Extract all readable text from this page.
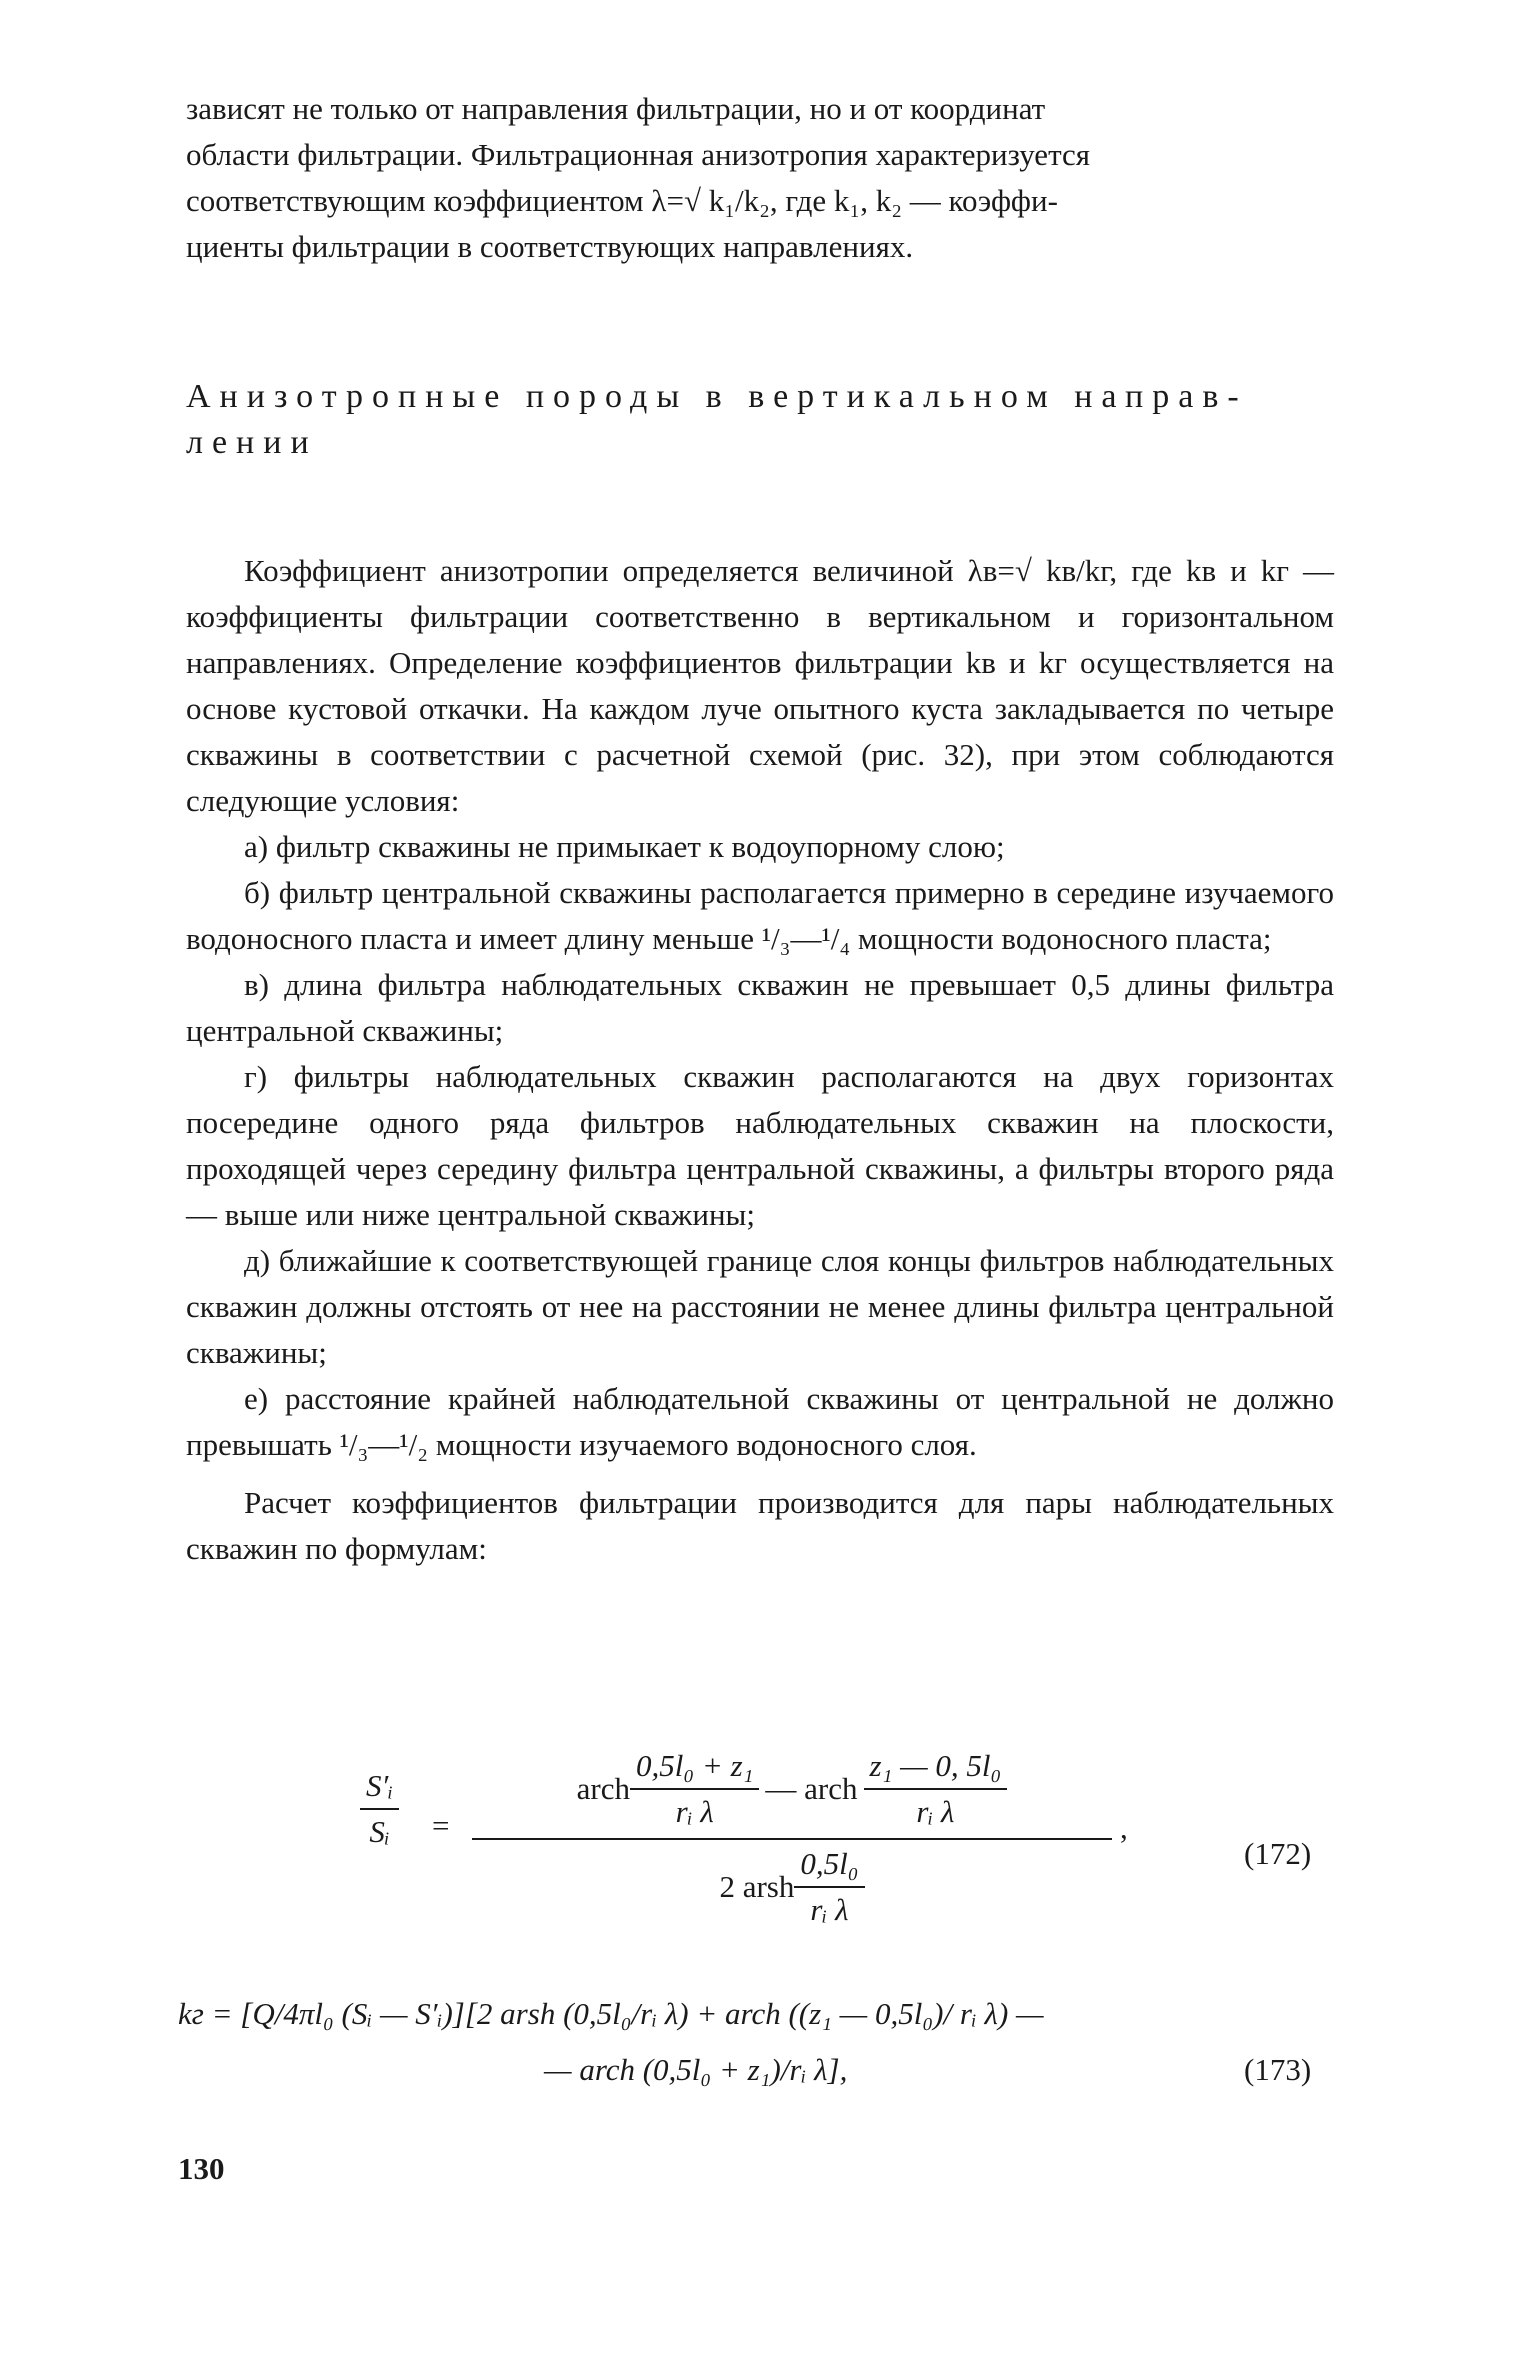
зависят не только от направления фильтрации, но и от координат
области фильтрации. Фильтрационная анизотропия характеризуется
соответствующим коэффициентом λ=√ k₁/k₂, где k₁, k₂ — коэффи-
циенты фильтрации в соответствующих направлениях.
Анизотропные породы в вертикальном направ-
лении

Коэффициент анизотропии определяется величиной λв=√ kв/kг, где kв и kг — коэффициенты фильтрации соответственно в вертикальном и горизонтальном направлениях. Определение коэффициентов фильтрации kв и kг осуществляется на основе кустовой откачки. На каждом луче опытного куста закладывается по четыре скважины в соответствии с расчетной схемой (рис. 32), при этом соблюдаются следующие условия:

а) фильтр скважины не примыкает к водоупорному слою;

б) фильтр центральной скважины располагается примерно в середине изучаемого водоносного пласта и имеет длину меньше ¹/₃—¹/₄ мощности водоносного пласта;

в) длина фильтра наблюдательных скважин не превышает 0,5 длины фильтра центральной скважины;

г) фильтры наблюдательных скважин располагаются на двух горизонтах посередине одного ряда фильтров наблюдательных скважин на плоскости, проходящей через середину фильтра центральной скважины, а фильтры второго ряда — выше или ниже центральной скважины;

д) ближайшие к соответствующей границе слоя концы фильтров наблюдательных скважин должны отстоять от нее на расстоянии не менее длины фильтра центральной скважины;

е) расстояние крайней наблюдательной скважины от центральной не должно превышать ¹/₃—¹/₂ мощности изучаемого водоносного слоя.

Расчет коэффициентов фильтрации производится для пары наблюдательных скважин по формулам:

$\frac{\text{S′ᵢ}}{\text{Sᵢ}}$ =
arch $\frac{\text{0,5l₀ + z₁}}{\text{rᵢ λ}}$ — arch $\frac{\text{z₁ — 0, 5l₀}}{\text{rᵢ λ}}$
2 arsh $\frac{\text{0,5l₀}}{\text{rᵢ λ}}$
,
(172)
kг = [Q/4πl₀ (Sᵢ — S′ᵢ)][2 arsh (0,5l₀/rᵢ λ) + arch ((z₁ — 0,5l₀)/ rᵢ λ) —
— arch (0,5l₀ + z₁)/rᵢ λ],	(173)
130
